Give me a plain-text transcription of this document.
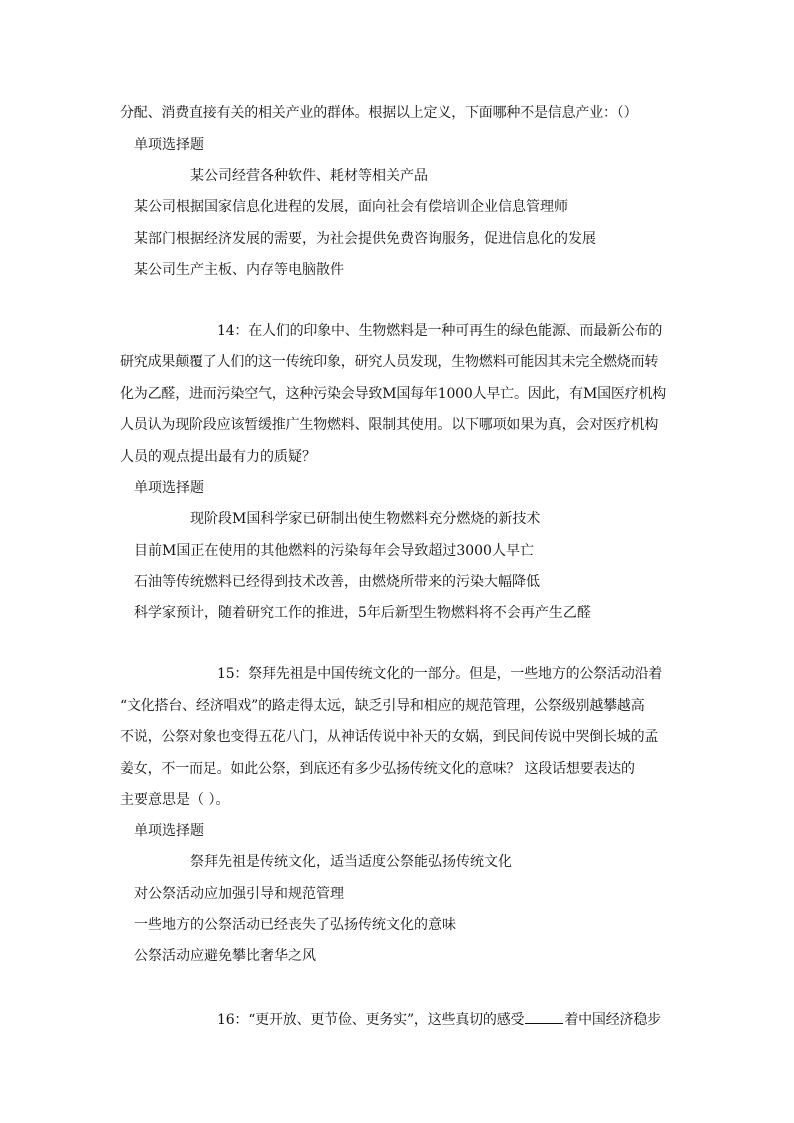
分配、消费直接有关的相关产业的群体。根据以上定义，下面哪种不是信息产业：（）
单项选择题
某公司经营各种软件、耗材等相关产品
某公司根据国家信息化进程的发展，面向社会有偿培训企业信息管理师
某部门根据经济发展的需要，为社会提供免费咨询服务，促进信息化的发展
某公司生产主板、内存等电脑散件
14：在人们的印象中、生物燃料是一种可再生的绿色能源、而最新公布的
研究成果颠覆了人们的这一传统印象，研究人员发现，生物燃料可能因其未完全燃烧而转
化为乙醛，进而污染空气，这种污染会导致M国每年1000人早亡。因此，有M国医疗机构
人员认为现阶段应该暂缓推广生物燃料、限制其使用。以下哪项如果为真，会对医疗机构
人员的观点提出最有力的质疑？
单项选择题
现阶段M国科学家已研制出使生物燃料充分燃烧的新技术
目前M国正在使用的其他燃料的污染每年会导致超过3000人早亡
石油等传统燃料已经得到技术改善，由燃烧所带来的污染大幅降低
科学家预计，随着研究工作的推进，5年后新型生物燃料将不会再产生乙醛
15：祭拜先祖是中国传统文化的一部分。但是，一些地方的公祭活动沿着
“文化搭台、经济唱戏”的路走得太远，缺乏引导和相应的规范管理，公祭级别越攀越高
不说，公祭对象也变得五花八门，从神话传说中补天的女娲，到民间传说中哭倒长城的孟
姜女，不一而足。如此公祭，到底还有多少弘扬传统文化的意味？ 这段话想要表达的
主要意思是（ ）。
单项选择题
祭拜先祖是传统文化，适当适度公祭能弘扬传统文化
对公祭活动应加强引导和规范管理
一些地方的公祭活动已经丧失了弘扬传统文化的意味
公祭活动应避免攀比奢华之风
16：“更开放、更节俭、更务实”，这些真切的感受	着中国经济稳步
